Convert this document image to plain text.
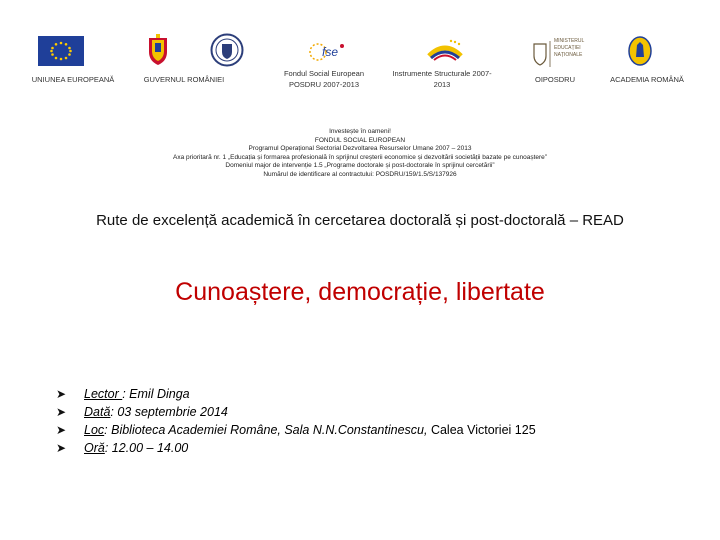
UNIUNEA EUROPEANĂ	GUVERNUL ROMÂNIEI
fse
Fondul Social European POSDRU 2007-2013
Instrumente Structurale 2007-2013
MINISTERUL EDUCAȚIEI NAȚIONALE
OIPOSDRU	ACADEMIA ROMÂNĂ
Investește în oameni!
FONDUL SOCIAL EUROPEAN
Programul Operațional Sectorial Dezvoltarea Resurselor Umane 2007 – 2013
Axa prioritară nr. 1 „Educația și formarea profesională în sprijinul creșterii economice și dezvoltării societății bazate pe cunoaștere”
Domeniul major de intervenție 1.5 „Programe doctorale și post-doctorale în sprijinul cercetării”
Numărul de identificare al contractului: POSDRU/159/1.5/S/137926
Rute de excelență academică în cercetarea doctorală și post-doctorală – READ
Cunoaștere, democrație, libertate
➤ Lector : Emil Dinga
➤ Dată: 03 septembrie 2014
➤ Loc: Biblioteca Academiei Române, Sala N.N.Constantinescu, Calea Victoriei 125
➤ Oră: 12.00 – 14.00
